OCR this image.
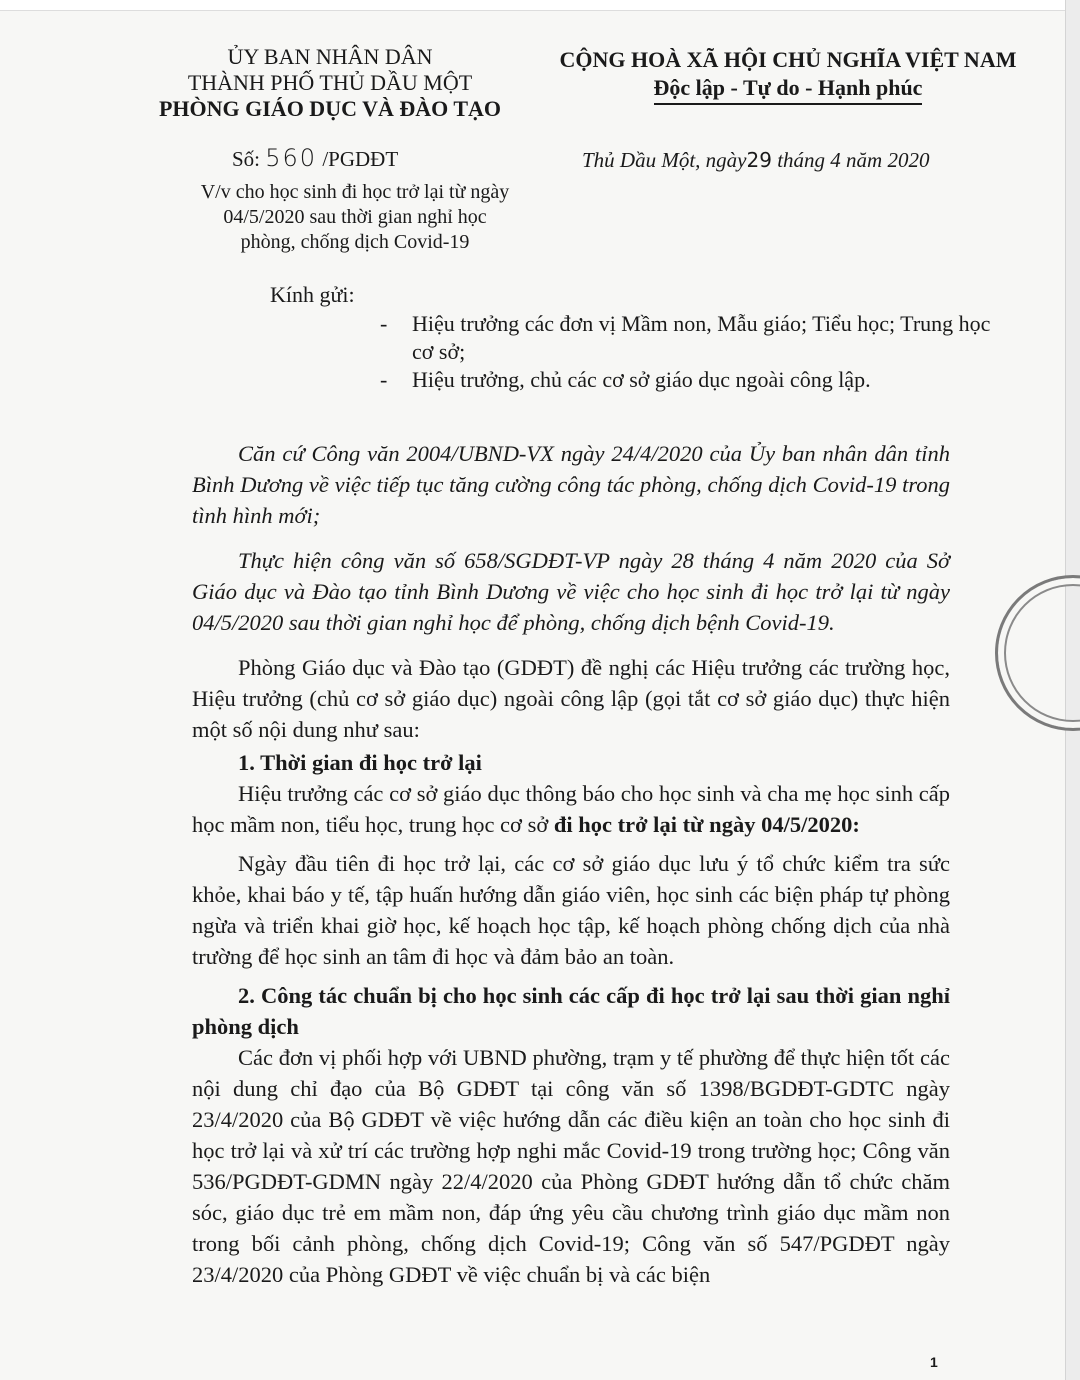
ỦY BAN NHÂN DÂN
THÀNH PHỐ THỦ DẦU MỘT
PHÒNG GIÁO DỤC VÀ ĐÀO TẠO
CỘNG HOÀ XÃ HỘI CHỦ NGHĨA VIỆT NAM
Độc lập - Tự do - Hạnh phúc
Số: 560 /PGDĐT	Thủ Dầu Một, ngày29 tháng 4 năm 2020
V/v cho học sinh đi học trở lại từ ngày
04/5/2020 sau thời gian nghỉ học
phòng, chống dịch Covid-19
Kính gửi:
- Hiệu trưởng các đơn vị Mầm non, Mẫu giáo; Tiểu học; Trung học cơ sở;
- Hiệu trưởng, chủ các cơ sở giáo dục ngoài công lập.

Căn cứ Công văn 2004/UBND-VX ngày 24/4/2020 của Ủy ban nhân dân tỉnh Bình Dương về việc tiếp tục tăng cường công tác phòng, chống dịch Covid-19 trong tình hình mới;

Thực hiện công văn số 658/SGDĐT-VP ngày 28 tháng 4 năm 2020 của Sở Giáo dục và Đào tạo tỉnh Bình Dương về việc cho học sinh đi học trở lại từ ngày 04/5/2020 sau thời gian nghỉ học để phòng, chống dịch bệnh Covid-19.

Phòng Giáo dục và Đào tạo (GDĐT) đề nghị các Hiệu trưởng các trường học, Hiệu trưởng (chủ cơ sở giáo dục) ngoài công lập (gọi tắt cơ sở giáo dục) thực hiện một số nội dung như sau:

1. Thời gian đi học trở lại

Hiệu trưởng các cơ sở giáo dục thông báo cho học sinh và cha mẹ học sinh cấp học mầm non, tiểu học, trung học cơ sở đi học trở lại từ ngày 04/5/2020:

Ngày đầu tiên đi học trở lại, các cơ sở giáo dục lưu ý tổ chức kiểm tra sức khỏe, khai báo y tế, tập huấn hướng dẫn giáo viên, học sinh các biện pháp tự phòng ngừa và triển khai giờ học, kế hoạch học tập, kế hoạch phòng chống dịch của nhà trường để học sinh an tâm đi học và đảm bảo an toàn.

2. Công tác chuẩn bị cho học sinh các cấp đi học trở lại sau thời gian nghỉ phòng dịch

Các đơn vị phối hợp với UBND phường, trạm y tế phường để thực hiện tốt các nội dung chỉ đạo của Bộ GDĐT tại công văn số 1398/BGDĐT-GDTC ngày 23/4/2020 của Bộ GDĐT về việc hướng dẫn các điều kiện an toàn cho học sinh đi học trở lại và xử trí các trường hợp nghi mắc Covid-19 trong trường học; Công văn 536/PGDĐT-GDMN ngày 22/4/2020 của Phòng GDĐT hướng dẫn tổ chức chăm sóc, giáo dục trẻ em mầm non, đáp ứng yêu cầu chương trình giáo dục mầm non trong bối cảnh phòng, chống dịch Covid-19; Công văn số 547/PGDĐT ngày 23/4/2020 của Phòng GDĐT về việc chuẩn bị và các biện

1
